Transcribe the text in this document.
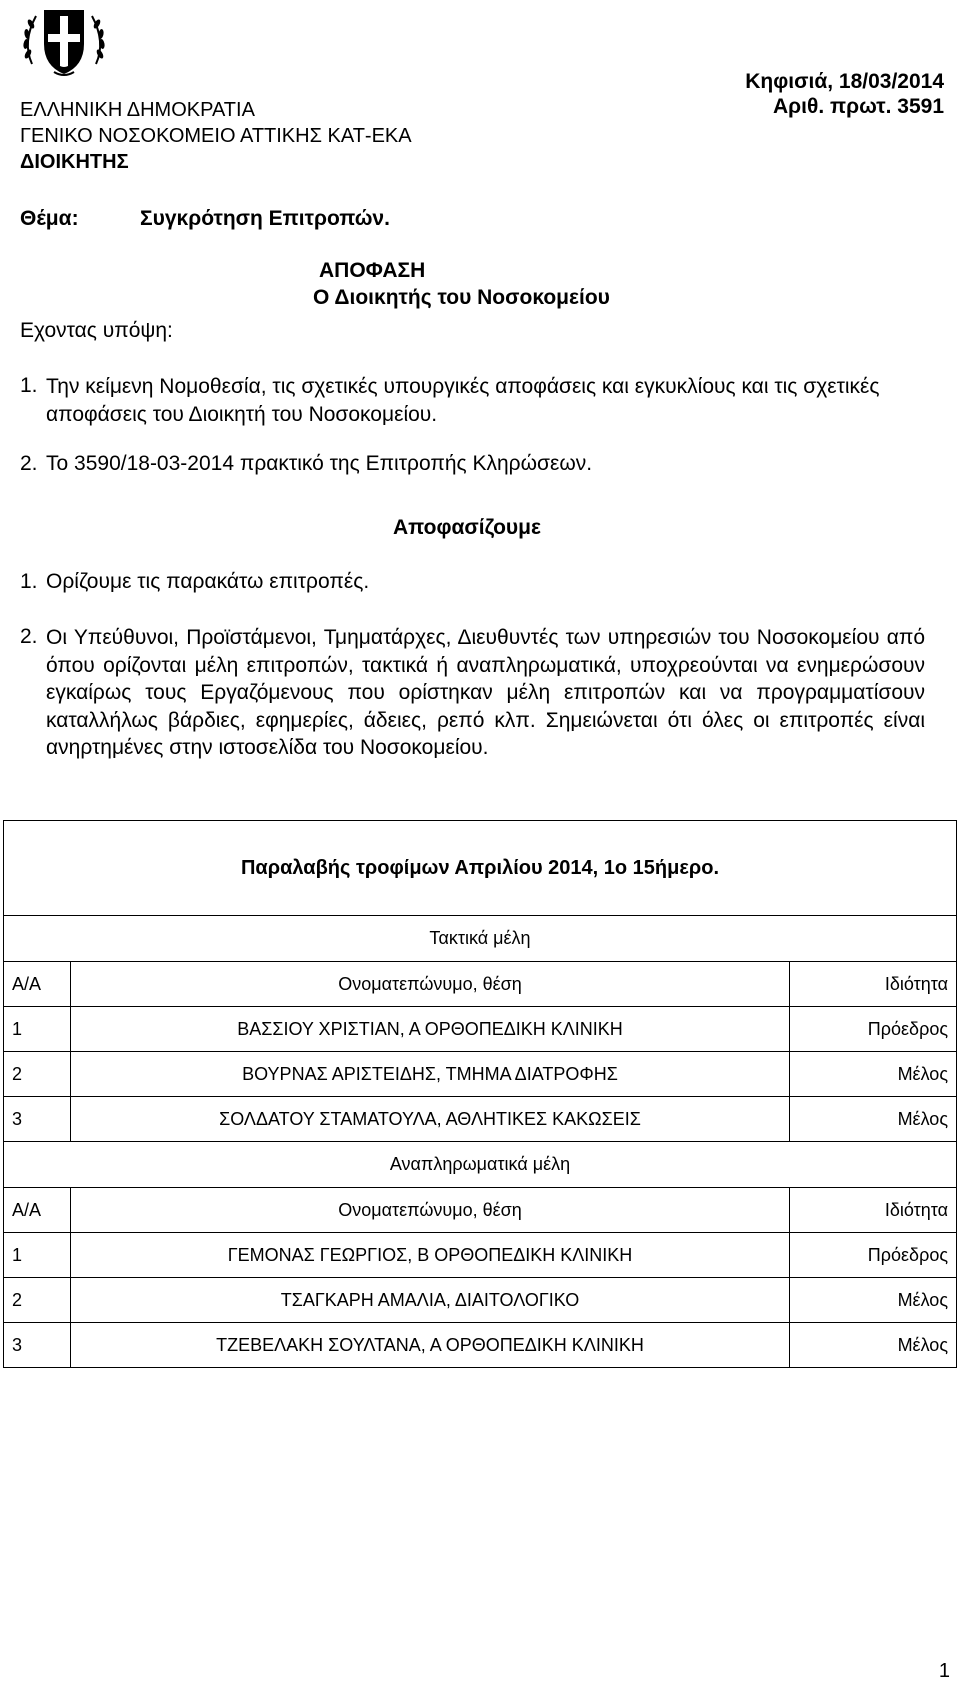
ΕΛΛΗΝΙΚΗ ΔΗΜΟΚΡΑΤΙΑ
ΓΕΝΙΚΟ ΝΟΣΟΚΟΜΕΙΟ ΑΤΤΙΚΗΣ ΚΑΤ-ΕΚΑ
ΔΙΟΙΚΗΤΗΣ
Κηφισιά, 18/03/2014
Αριθ. πρωτ. 3591
Θέμα:	Συγκρότηση Επιτροπών.
ΑΠΟΦΑΣΗ
Ο Διοικητής του Νοσοκομείου
Εχοντας υπόψη:
1. Την κείμενη Νομοθεσία, τις σχετικές υπουργικές αποφάσεις και εγκυκλίους και τις σχετικές αποφάσεις του Διοικητή του Νοσοκομείου.
2. Το 3590/18-03-2014 πρακτικό της Επιτροπής Κληρώσεων.
Αποφασίζουμε
1. Ορίζουμε τις παρακάτω επιτροπές.
2. Οι Υπεύθυνοι, Προϊστάμενοι, Τμηματάρχες, Διευθυντές των υπηρεσιών του Νοσοκομείου από όπου ορίζονται μέλη επιτροπών, τακτικά ή αναπληρωματικά, υποχρεούνται να ενημερώσουν εγκαίρως τους Εργαζόμενους που ορίστηκαν μέλη επιτροπών και να προγραμματίσουν καταλλήλως βάρδιες, εφημερίες, άδειες, ρεπό κλπ. Σημειώνεται ότι όλες οι επιτροπές είναι ανηρτημένες στην ιστοσελίδα του Νοσοκομείου.
Παραλαβής τροφίμων Απριλίου 2014, 1ο 15ήμερο.		
Τακτικά μέλη		
Α/Α	Ονοματεπώνυμο, θέση	Ιδιότητα
1	ΒΑΣΣΙΟΥ ΧΡΙΣΤΙΑΝ, Α ΟΡΘΟΠΕΔΙΚΗ ΚΛΙΝΙΚΗ	Πρόεδρος
2	ΒΟΥΡΝΑΣ ΑΡΙΣΤΕΙΔΗΣ, ΤΜΗΜΑ ΔΙΑΤΡΟΦΗΣ	Μέλος
3	ΣΟΛΔΑΤΟΥ ΣΤΑΜΑΤΟΥΛΑ, ΑΘΛΗΤΙΚΕΣ ΚΑΚΩΣΕΙΣ	Μέλος
Αναπληρωματικά μέλη		
Α/Α	Ονοματεπώνυμο, θέση	Ιδιότητα
1	ΓΕΜΟΝΑΣ ΓΕΩΡΓΙΟΣ, Β ΟΡΘΟΠΕΔΙΚΗ ΚΛΙΝΙΚΗ	Πρόεδρος
2	ΤΣΑΓΚΑΡΗ ΑΜΑΛΙΑ, ΔΙΑΙΤΟΛΟΓΙΚΟ	Μέλος
3	ΤΖΕΒΕΛΑΚΗ ΣΟΥΛΤΑΝΑ, Α ΟΡΘΟΠΕΔΙΚΗ ΚΛΙΝΙΚΗ	Μέλος
1
